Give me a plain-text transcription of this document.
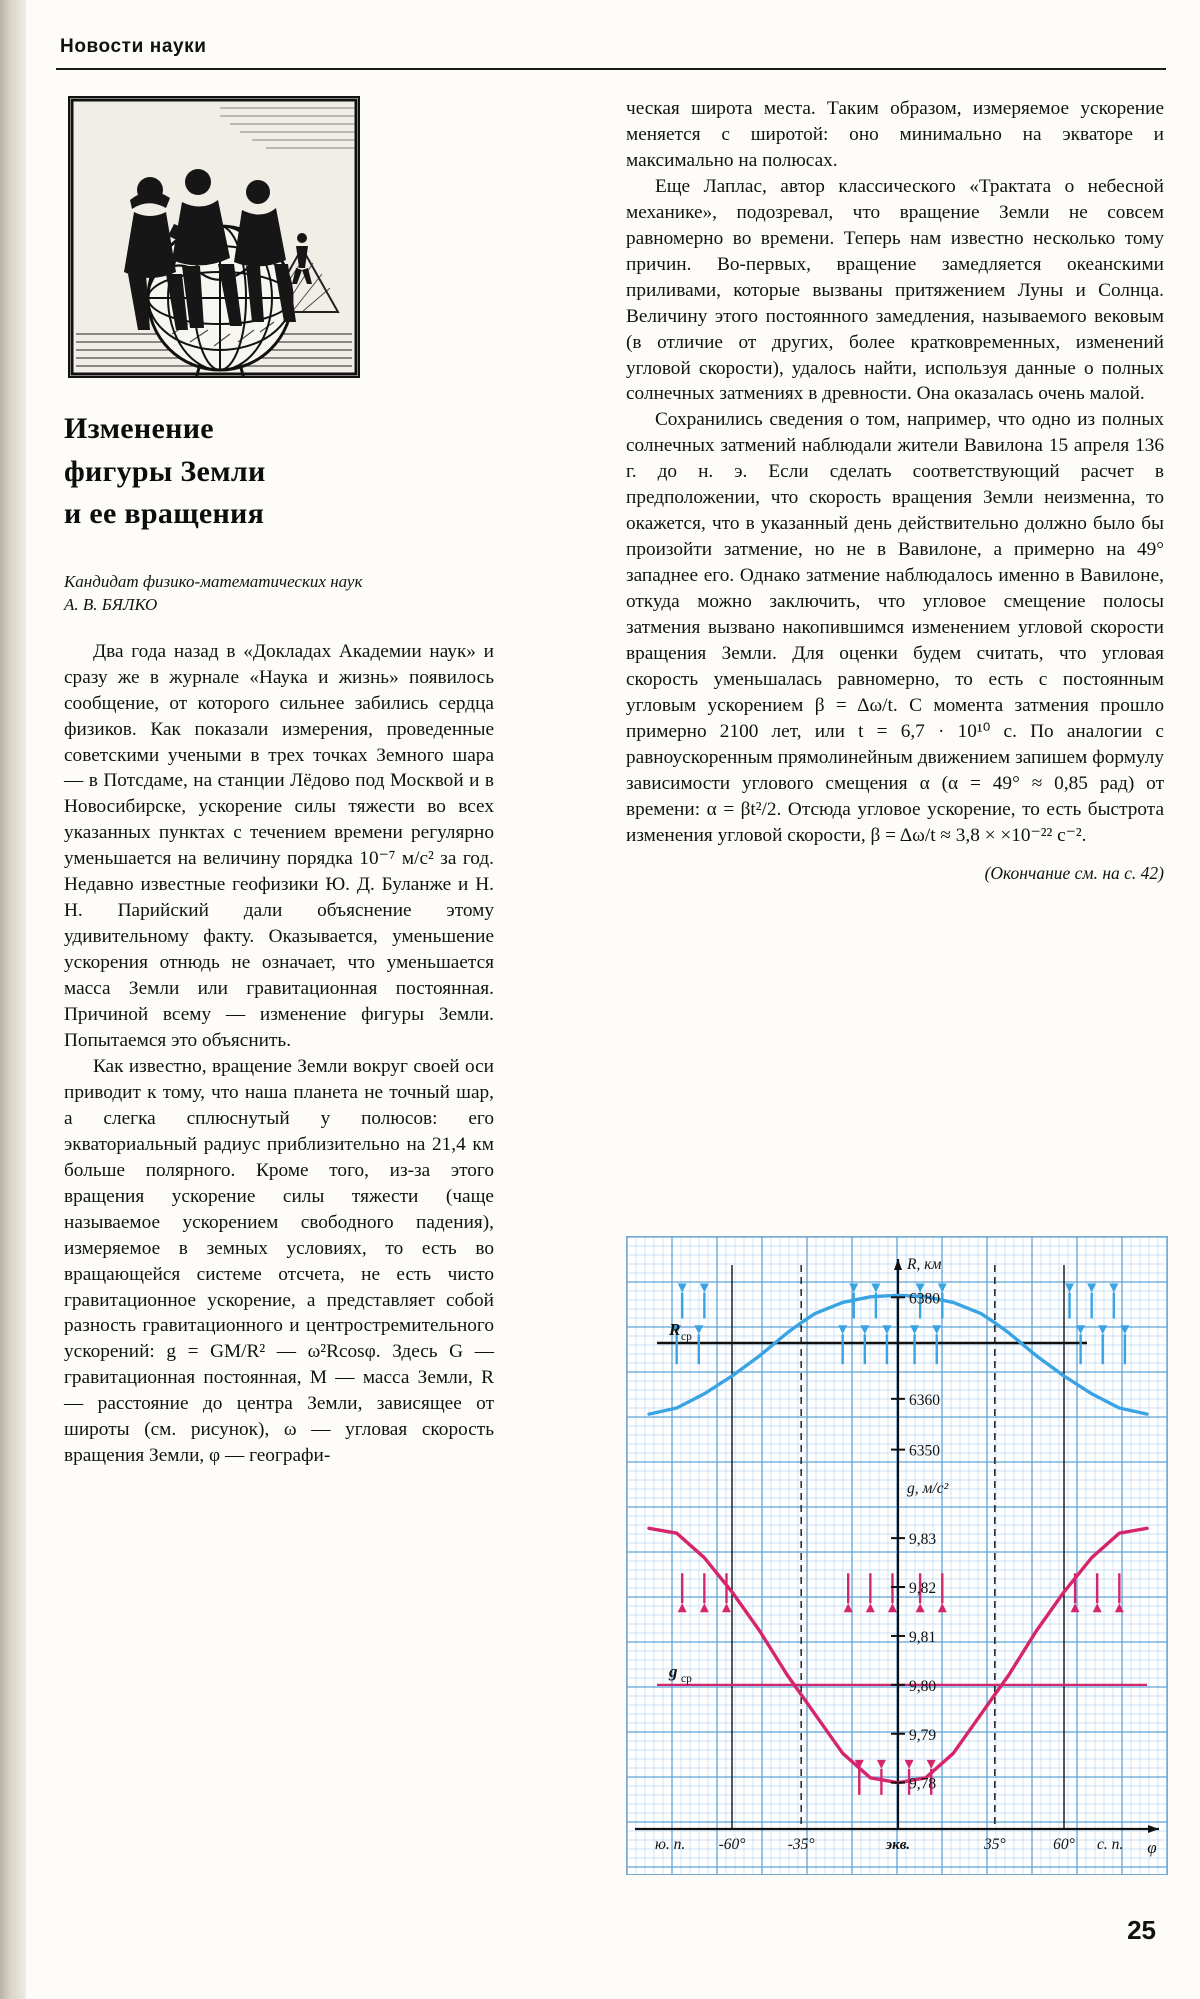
Новости науки
Изменение
фигуры Земли
и ее вращения
Кандидат физико-математических наук
А. В. БЯЛКО

Два года назад в «Докладах Академии наук» и сразу же в журнале «Наука и жизнь» появилось сообщение, от которого сильнее забились сердца физиков. Как показали измерения, проведенные советскими учеными в трех точках Земного шара — в Потсдаме, на станции Лёдово под Москвой и в Новосибирске, ускорение силы тяжести во всех указанных пунктах с течением времени регулярно уменьшается на величину порядка 10⁻⁷ м/с² за год. Недавно известные геофизики Ю. Д. Буланже и Н. Н. Парийский дали объяснение этому удивительному факту. Оказывается, уменьшение ускорения отнюдь не означает, что уменьшается масса Земли или гравитационная постоянная. Причиной всему — изменение фигуры Земли. Попытаемся это объяснить.

Как известно, вращение Земли вокруг своей оси приводит к тому, что наша планета не точный шар, а слегка сплюснутый у полюсов: его экваториальный радиус приблизительно на 21,4 км больше полярного. Кроме того, из-за этого вращения ускорение силы тяжести (чаще называемое ускорением свободного падения), измеряемое в земных условиях, то есть во вращающейся системе отсчета, не есть чисто гравитационное ускорение, а представляет собой разность гравитационного и центростремительного ускорений: g = GM/R² — ω²Rcosφ. Здесь G — гравитационная постоянная, M — масса Земли, R — расстояние до центра Земли, зависящее от широты (см. рисунок), ω — угловая скорость вращения Земли, φ — географи-

ческая широта места. Таким образом, измеряемое ускорение меняется с широтой: оно минимально на экваторе и максимально на полюсах.

Еще Лаплас, автор классического «Трактата о небесной механике», подозревал, что вращение Земли не совсем равномерно во времени. Теперь нам известно несколько тому причин. Во-первых, вращение замедляется океанскими приливами, которые вызваны притяжением Луны и Солнца. Величину этого постоянного замедления, называемого вековым (в отличие от других, более кратковременных, изменений угловой скорости), удалось найти, используя данные о полных солнечных затмениях в древности. Она оказалась очень малой.

Сохранились сведения о том, например, что одно из полных солнечных затмений наблюдали жители Вавилона 15 апреля 136 г. до н. э. Если сделать соответствующий расчет в предположении, что скорость вращения Земли неизменна, то окажется, что в указанный день действительно должно было бы произойти затмение, но не в Вавилоне, а примерно на 49° западнее его. Однако затмение наблюдалось именно в Вавилоне, откуда можно заключить, что угловое смещение полосы затмения вызвано накопившимся изменением угловой скорости вращения Земли. Для оценки будем считать, что угловая скорость уменьшалась равномерно, то есть с постоянным угловым ускорением β = Δω/t. С момента затмения прошло примерно 2100 лет, или t = 6,7 · 10¹⁰ с. По аналогии с равноускоренным прямолинейным движением запишем формулу зависимости углового смещения α (α = 49° ≈ 0,85 рад) от времени: α = βt²/2. Отсюда угловое ускорение, то есть быстрота изменения угловой скорости, β = Δω/t ≈ 3,8 × ×10⁻²² с⁻².

(Окончание см. на с. 42)
6380
6360
6350
9,83
9,82
9,81
9,80
9,79
9,78
R, км
g, м/с²
φ
R ср
g ср
ю. п. -60°	-35°	экв.	35°	60° с. п.
25
